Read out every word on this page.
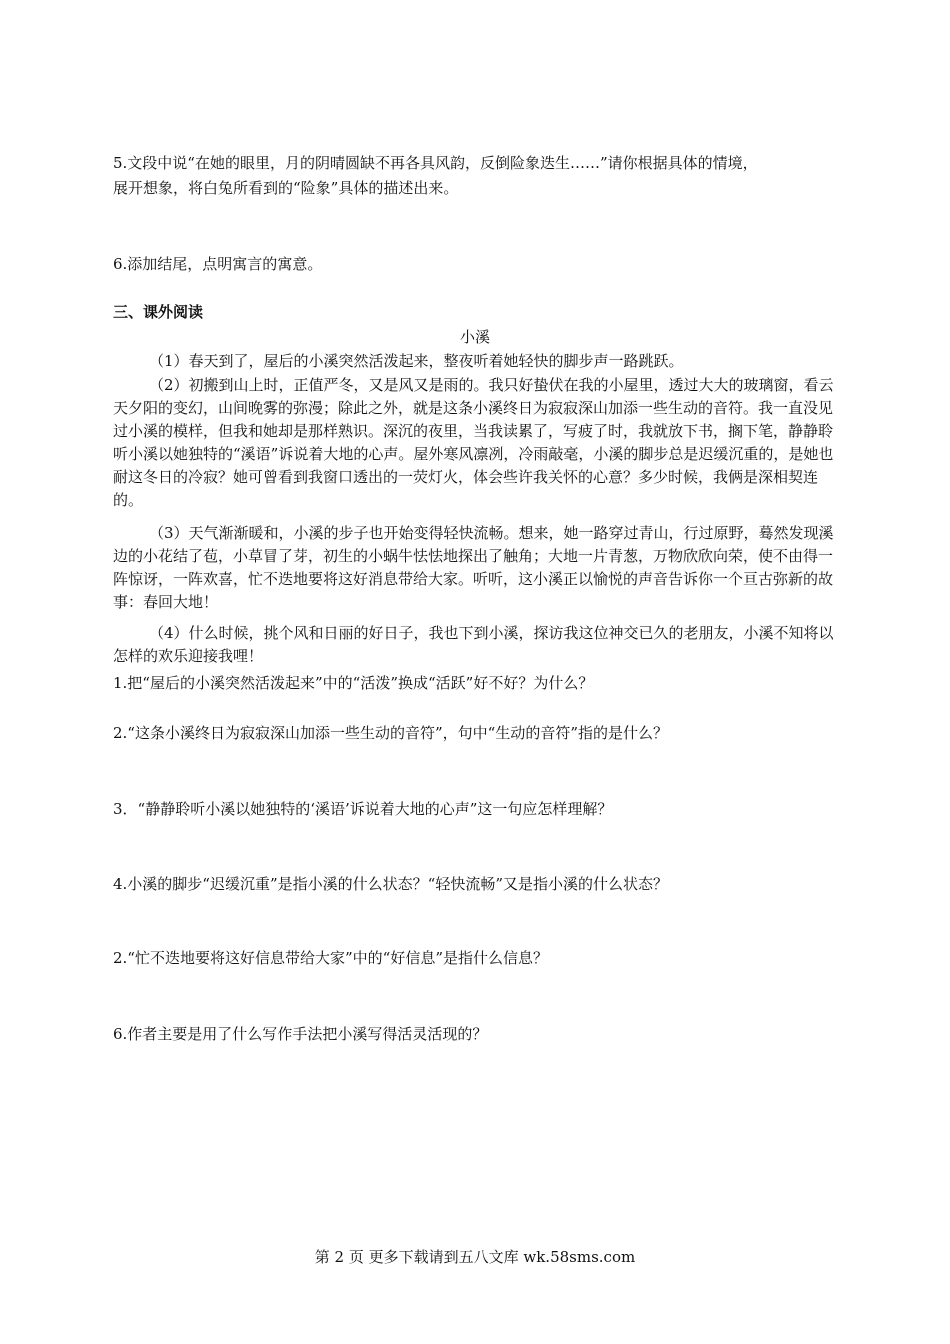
5.文段中说“在她的眼里，月的阴晴圆缺不再各具风韵，反倒险象迭生……”请你根据具体的情境，
展开想象，将白兔所看到的“险象”具体的描述出来。
6.添加结尾，点明寓言的寓意。
三、课外阅读
小溪
（1）春天到了，屋后的小溪突然活泼起来，整夜听着她轻快的脚步声一路跳跃。
（2）初搬到山上时，正值严冬，又是风又是雨的。我只好蛰伏在我的小屋里，透过大大的玻璃窗，看云天夕阳的变幻，山间晚雾的弥漫；除此之外，就是这条小溪终日为寂寂深山加添一些生动的音符。我一直没见过小溪的模样，但我和她却是那样熟识。深沉的夜里，当我读累了，写疲了时，我就放下书，搁下笔，静静聆听小溪以她独特的“溪语”诉说着大地的心声。屋外寒风凛冽，冷雨敲毫，小溪的脚步总是迟缓沉重的，是她也耐这冬日的冷寂？她可曾看到我窗口透出的一荧灯火，体会些许我关怀的心意？多少时候，我俩是深相契连的。
（3）天气渐渐暖和，小溪的步子也开始变得轻快流畅。想来，她一路穿过青山，行过原野，蓦然发现溪边的小花结了苞，小草冒了芽，初生的小蜗牛怯怯地探出了触角；大地一片青葱，万物欣欣向荣，使不由得一阵惊讶，一阵欢喜，忙不迭地要将这好消息带给大家。听听，这小溪正以愉悦的声音告诉你一个亘古弥新的故事：春回大地！
（4）什么时候，挑个风和日丽的好日子，我也下到小溪，探访我这位神交已久的老朋友，小溪不知将以怎样的欢乐迎接我哩！
1.把“屋后的小溪突然活泼起来”中的“活泼”换成“活跃”好不好？为什么？
2.“这条小溪终日为寂寂深山加添一些生动的音符”，句中“生动的音符”指的是什么？
3．“静静聆听小溪以她独特的‘溪语’诉说着大地的心声”这一句应怎样理解？
4.小溪的脚步“迟缓沉重”是指小溪的什么状态？“轻快流畅”又是指小溪的什么状态？
2.“忙不迭地要将这好信息带给大家”中的“好信息”是指什么信息？
6.作者主要是用了什么写作手法把小溪写得活灵活现的？
第 2 页 更多下载请到五八文库 wk.58sms.com
